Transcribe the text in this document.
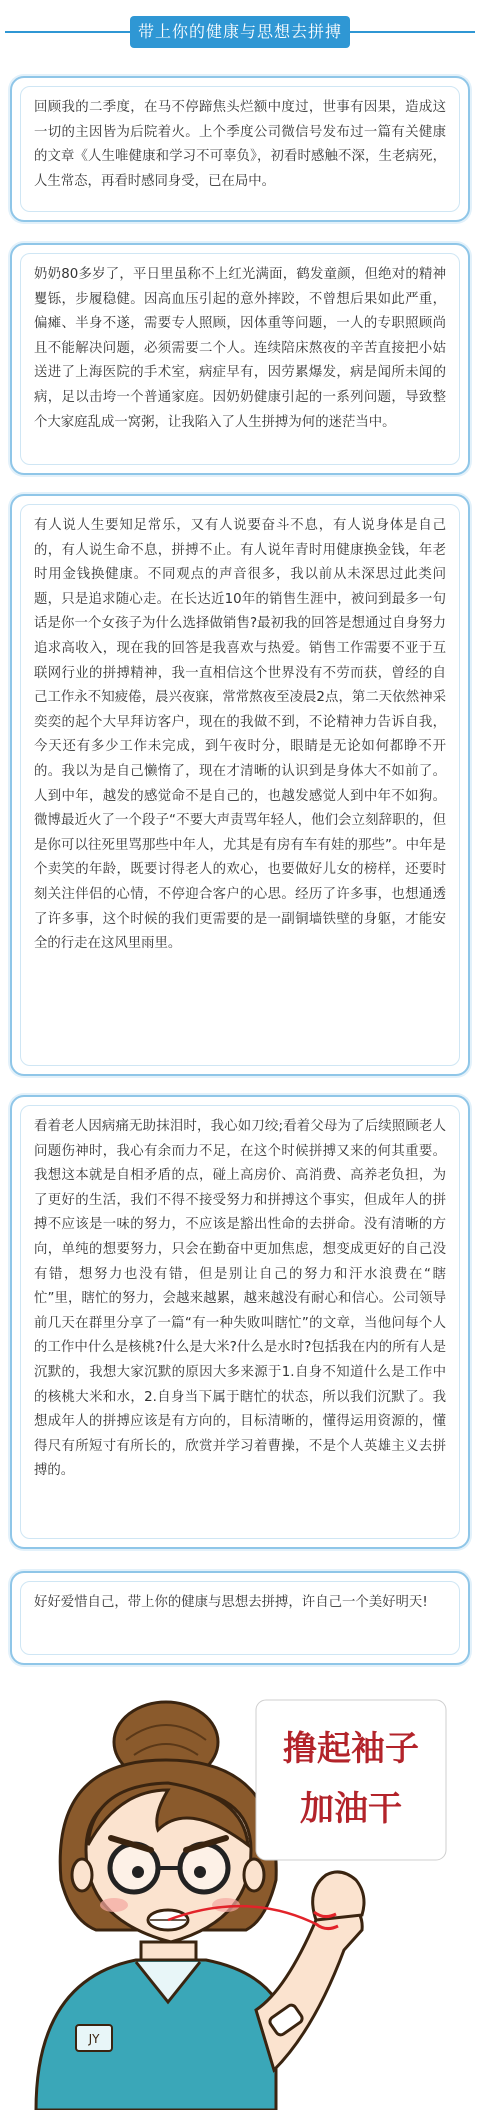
带上你的健康与思想去拼搏

回顾我的二季度，在马不停蹄焦头烂额中度过，世事有因果，造成这一切的主因皆为后院着火。上个季度公司微信号发布过一篇有关健康的文章《人生唯健康和学习不可辜负》，初看时感触不深，生老病死，人生常态，再看时感同身受，已在局中。

奶奶80多岁了，平日里虽称不上红光满面，鹤发童颜，但绝对的精神矍铄，步履稳健。因高血压引起的意外摔跤，不曾想后果如此严重，偏瘫、半身不遂，需要专人照顾，因体重等问题，一人的专职照顾尚且不能解决问题，必须需要二个人。连续陪床熬夜的辛苦直接把小姑送进了上海医院的手术室，病症早有，因劳累爆发，病是闻所未闻的病，足以击垮一个普通家庭。因奶奶健康引起的一系列问题，导致整个大家庭乱成一窝粥，让我陷入了人生拼搏为何的迷茫当中。

有人说人生要知足常乐，又有人说要奋斗不息，有人说身体是自己的，有人说生命不息，拼搏不止。有人说年青时用健康换金钱，年老时用金钱换健康。不同观点的声音很多，我以前从未深思过此类问题，只是追求随心走。在长达近10年的销售生涯中，被问到最多一句话是你一个女孩子为什么选择做销售?最初我的回答是想通过自身努力追求高收入，现在我的回答是我喜欢与热爱。销售工作需要不亚于互联网行业的拼搏精神，我一直相信这个世界没有不劳而获，曾经的自己工作永不知疲倦，晨兴夜寐，常常熬夜至凌晨2点，第二天依然神采奕奕的起个大早拜访客户，现在的我做不到，不论精神力告诉自我，今天还有多少工作未完成，到午夜时分，眼睛是无论如何都睁不开的。我以为是自己懒惰了，现在才清晰的认识到是身体大不如前了。人到中年，越发的感觉命不是自己的，也越发感觉人到中年不如狗。微博最近火了一个段子“不要大声责骂年轻人，他们会立刻辞职的，但是你可以往死里骂那些中年人，尤其是有房有车有娃的那些”。中年是个卖笑的年龄，既要讨得老人的欢心，也要做好儿女的榜样，还要时刻关注伴侣的心情，不停迎合客户的心思。经历了许多事，也想通透了许多事，这个时候的我们更需要的是一副铜墙铁壁的身躯，才能安全的行走在这风里雨里。

看着老人因病痛无助抹泪时，我心如刀绞;看着父母为了后续照顾老人问题伤神时，我心有余而力不足，在这个时候拼搏又来的何其重要。我想这本就是自相矛盾的点，碰上高房价、高消费、高养老负担，为了更好的生活，我们不得不接受努力和拼搏这个事实，但成年人的拼搏不应该是一味的努力，不应该是豁出性命的去拼命。没有清晰的方向，单纯的想要努力，只会在勤奋中更加焦虑，想变成更好的自己没有错，想努力也没有错，但是别让自己的努力和汗水浪费在“瞎忙”里，瞎忙的努力，会越来越累，越来越没有耐心和信心。公司领导前几天在群里分享了一篇“有一种失败叫瞎忙”的文章，当他问每个人的工作中什么是核桃?什么是大米?什么是水时?包括我在内的所有人是沉默的，我想大家沉默的原因大多来源于1.自身不知道什么是工作中的核桃大米和水，2.自身当下属于瞎忙的状态，所以我们沉默了。我想成年人的拼搏应该是有方向的，目标清晰的，懂得运用资源的，懂得尺有所短寸有所长的，欣赏并学习着曹操，不是个人英雄主义去拼搏的。

好好爱惜自己，带上你的健康与思想去拼搏，许自己一个美好明天!

JY
撸起袖子
加油干
